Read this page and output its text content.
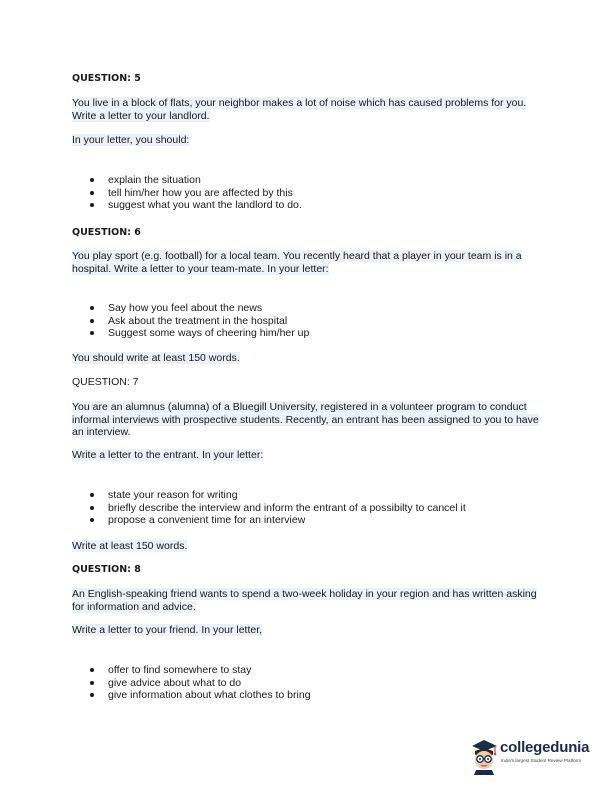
QUESTION: 5
You live in a block of flats, your neighbor makes a lot of noise which has caused problems for you. Write a letter to your landlord.
In your letter, you should:
explain the situation
tell him/her how you are affected by this
suggest what you want the landlord to do.
QUESTION: 6
You play sport (e.g. football) for a local team. You recently heard that a player in your team is in a hospital. Write a letter to your team-mate. In your letter:
Say how you feel about the news
Ask about the treatment in the hospital
Suggest some ways of cheering him/her up
You should write at least 150 words.
QUESTION: 7
You are an alumnus (alumna) of a Bluegill University, registered in a volunteer program to conduct informal interviews with prospective students. Recently, an entrant has been assigned to you to have an interview.
Write a letter to the entrant. In your letter:
state your reason for writing
briefly describe the interview and inform the entrant of a possibilty to cancel it
propose a convenient time for an interview
Write at least 150 words.
QUESTION: 8
An English-speaking friend wants to spend a two-week holiday in your region and has written asking for information and advice.
Write a letter to your friend. In your letter,
offer to find somewhere to stay
give advice about what to do
give information about what clothes to bring
collegedunia
India's largest Student Review Platform
